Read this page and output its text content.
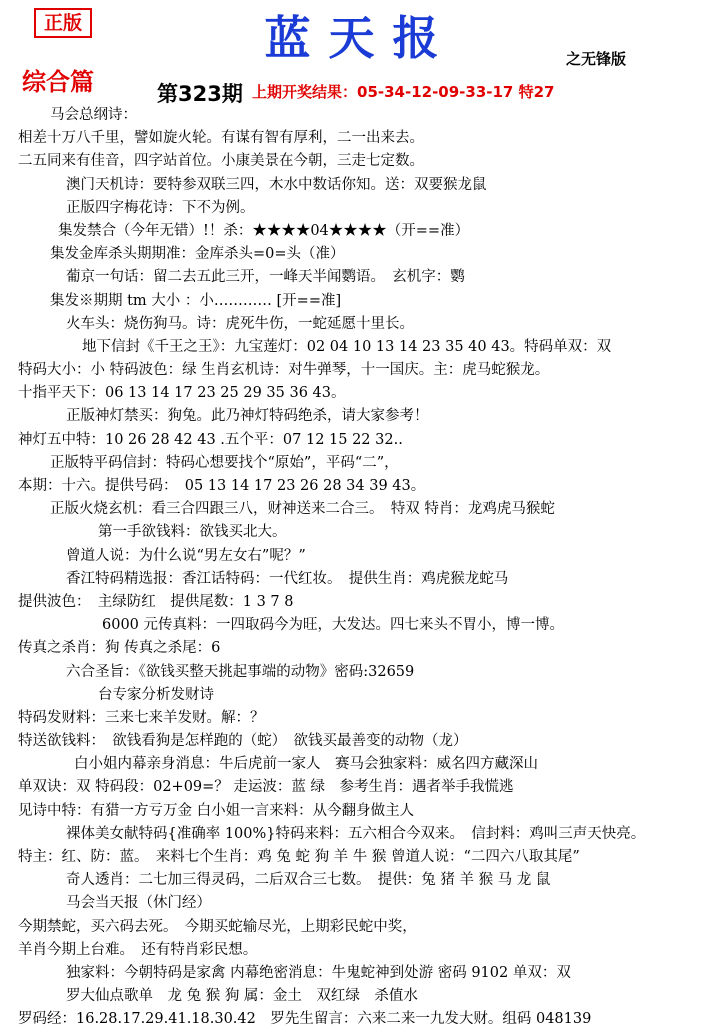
正版	蓝天报	之无锋版
综合篇	第323期 上期开奖结果：05-34-12-09-33-17 特27
马会总纲诗：
相差十万八千里，譬如旋火轮。有谋有智有厚利，二一出来去。
二五同来有佳音，四字站首位。小康美景在今朝，三走七定数。
澳门天机诗：要特参双联三四，木水中数话你知。送：双要猴龙鼠
正版四字梅花诗：下不为例。
集发禁合（今年无错）!！杀：★★★★04★★★★（开==准）
集发金库杀头期期准：金库杀头=0=头（准）
葡京一句话：留二去五此三开，一峰天半闻鹦语。　玄机字：鹦
集发※期期 tm 大小 ：小………… [开==准]
火车头：烧伤狗马。诗：虎死牛伤，一蛇延愿十里长。
地下信封《千王之王》：九宝莲灯：02 04 10 13 14 23 35 40 43。特码单双：双
特码大小：小 特码波色：绿 生肖玄机诗：对牛弹琴，十一国庆。主：虎马蛇猴龙。
十指平天下：06 13 14 17 23 25 29 35 36 43。
正版神灯禁买：狗兔。此乃神灯特码绝杀，请大家参考！
神灯五中特：10 26 28 42 43 .五个平：07 12 15 22 32..
正版特平码信封：特码心想要找个“原始”，平码“二”，
本期：十六。提供号码：　05 13 14 17 23 26 28 34 39 43。
正版火烧玄机：看三合四跟三八，财神送来二合三。　特双 特肖：龙鸡虎马猴蛇
第一手欲钱料：欲钱买北大。
曾道人说：为什么说“男左女右”呢？”
香江特码精选报：香江话特码：一代红妆。　提供生肖：鸡虎猴龙蛇马
提供波色：　主绿防红　提供尾数：1 3 7 8
6000 元传真料：一四取码今为旺，大发达。四七来头不胃小，博一博。
传真之杀肖：狗 传真之杀尾：6
六合圣旨：《欲钱买整天挑起事端的动物》密码:32659
台专家分析发财诗
特码发财料：三来七来羊发财。解：？
特送欲钱料：　欲钱看狗是怎样跑的（蛇）　欲钱买最善变的动物（龙）
白小姐内幕亲身消息：牛后虎前一家人　赛马会独家料：威名四方藏深山
单双诀：双 特码段：02+09=？ 走运波：蓝 绿　参考生肖：遇者举手我慌逃
见诗中特：有猎一方亏万金 白小姐一言来料：从今翻身做主人
裸体美女献特码{准确率 100%}特码来料：五六相合今双来。　信封料：鸡叫三声天快亮。
特主：红、防：蓝。　来料七个生肖：鸡 兔 蛇 狗 羊 牛 猴 曾道人说：“二四六八取其尾”
奇人透肖：二七加三得灵码，二后双合三七数。　提供：兔 猪 羊 猴 马 龙 鼠
马会当天报（休门经）
今期禁蛇，买六码去死。　今期买蛇输尽光，上期彩民蛇中奖，
羊肖今期上台难。　还有特肖彩民想。
独家料：今朝特码是家禽 内幕绝密消息：牛鬼蛇神到处游 密码 9102 单双：双
罗大仙点歌单　龙 兔 猴 狗 属：金土　双红绿　杀值水
罗码经：16.28.17.29.41.18.30.42　罗先生留言：六来二来一九发大财。组码 048139
